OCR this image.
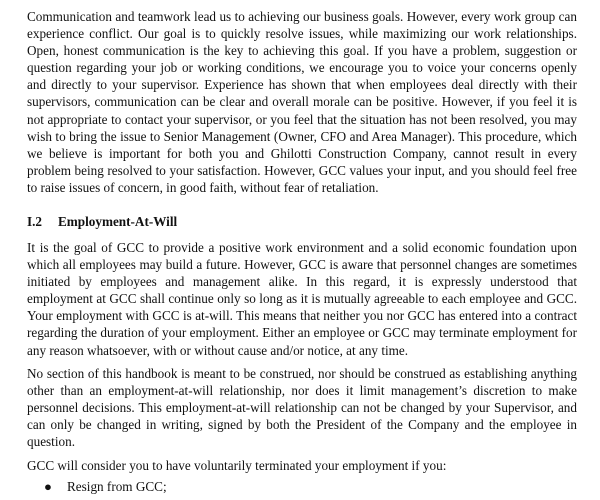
Communication and teamwork lead us to achieving our business goals. However, every work group can experience conflict. Our goal is to quickly resolve issues, while maximizing our work relationships. Open, honest communication is the key to achieving this goal. If you have a problem, suggestion or question regarding your job or working conditions, we encourage you to voice your concerns openly and directly to your supervisor. Experience has shown that when employees deal directly with their supervisors, communication can be clear and overall morale can be positive. However, if you feel it is not appropriate to contact your supervisor, or you feel that the situation has not been resolved, you may wish to bring the issue to Senior Management (Owner, CFO and Area Manager). This procedure, which we believe is important for both you and Ghilotti Construction Company, cannot result in every problem being resolved to your satisfaction. However, GCC values your input, and you should feel free to raise issues of concern, in good faith, without fear of retaliation.

I.2 Employment-At-Will

It is the goal of GCC to provide a positive work environment and a solid economic foundation upon which all employees may build a future. However, GCC is aware that personnel changes are sometimes initiated by employees and management alike. In this regard, it is expressly understood that employment at GCC shall continue only so long as it is mutually agreeable to each employee and GCC. Your employment with GCC is at-will. This means that neither you nor GCC has entered into a contract regarding the duration of your employment. Either an employee or GCC may terminate employment for any reason whatsoever, with or without cause and/or notice, at any time.

No section of this handbook is meant to be construed, nor should be construed as establishing anything other than an employment-at-will relationship, nor does it limit management’s discretion to make personnel decisions. This employment-at-will relationship can not be changed by your Supervisor, and can only be changed in writing, signed by both the President of the Company and the employee in question.

GCC will consider you to have voluntarily terminated your employment if you:

●	Resign from GCC;
